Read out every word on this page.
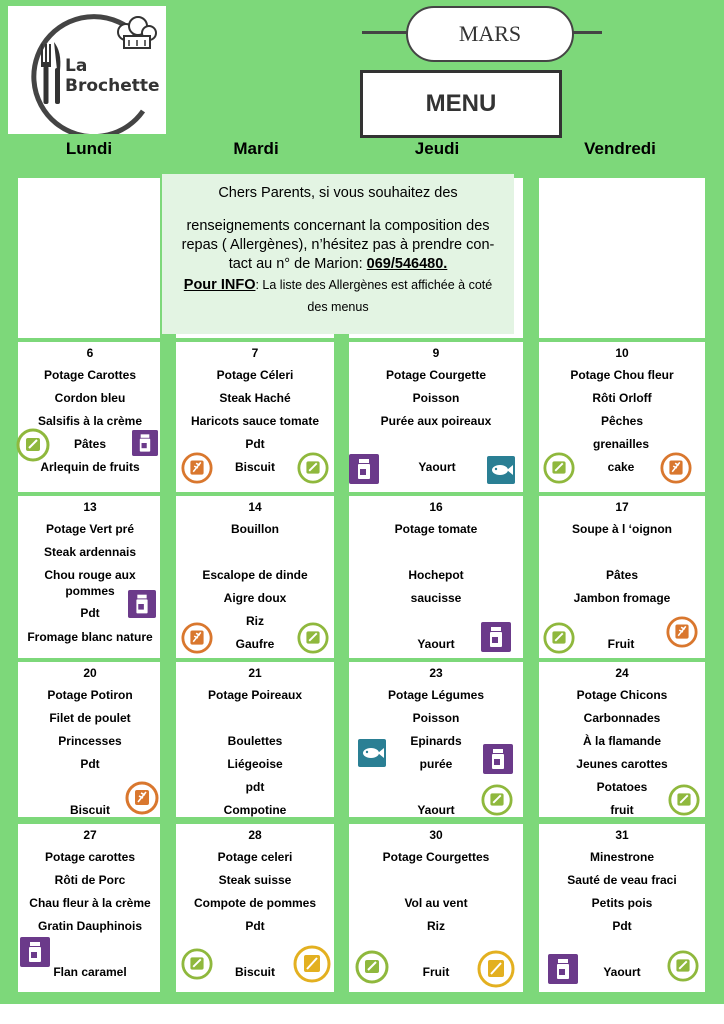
La Brochette
MARS
MENU
Lundi	Mardi	Jeudi	Vendredi
Chers Parents, si vous souhaitez des
renseignements concernant la composition des
repas ( Allergènes), n’hésitez pas à prendre con-
tact au n° de Marion: 069/546480.
Pour INFO: La liste des Allergènes est affichée à coté
des menus
6
Potage Carottes
Cordon bleu
Salsifis à la crème
Pâtes
Arlequin de fruits
7
Potage Céleri
Steak Haché
Haricots sauce tomate
Pdt
Biscuit
9
Potage Courgette
Poisson
Purée aux poireaux
Yaourt
10
Potage Chou fleur
Rôti Orloff
Pêches
grenailles
cake
13
Potage Vert pré
Steak ardennais
Chou rouge aux
pommes
Pdt
Fromage blanc nature
14
Bouillon
Escalope de dinde
Aigre doux
Riz
Gaufre
16
Potage tomate
Hochepot
saucisse
Yaourt
17
Soupe à l ‘oignon
Pâtes
Jambon fromage
Fruit
20
Potage Potiron
Filet de poulet
Princesses
Pdt
Biscuit
21
Potage Poireaux
Boulettes
Liégeoise
pdt
Compotine
23
Potage Légumes
Poisson
Epinards
purée
Yaourt
24
Potage Chicons
Carbonnades
À la flamande
Jeunes carottes
Potatoes
fruit
27
Potage carottes
Rôti de Porc
Chau fleur à la crème
Gratin Dauphinois
Flan caramel
28
Potage celeri
Steak suisse
Compote de pommes
Pdt
Biscuit
30
Potage Courgettes
Vol au vent
Riz
Fruit
31
Minestrone
Sauté de veau fraci
Petits pois
Pdt
Yaourt
